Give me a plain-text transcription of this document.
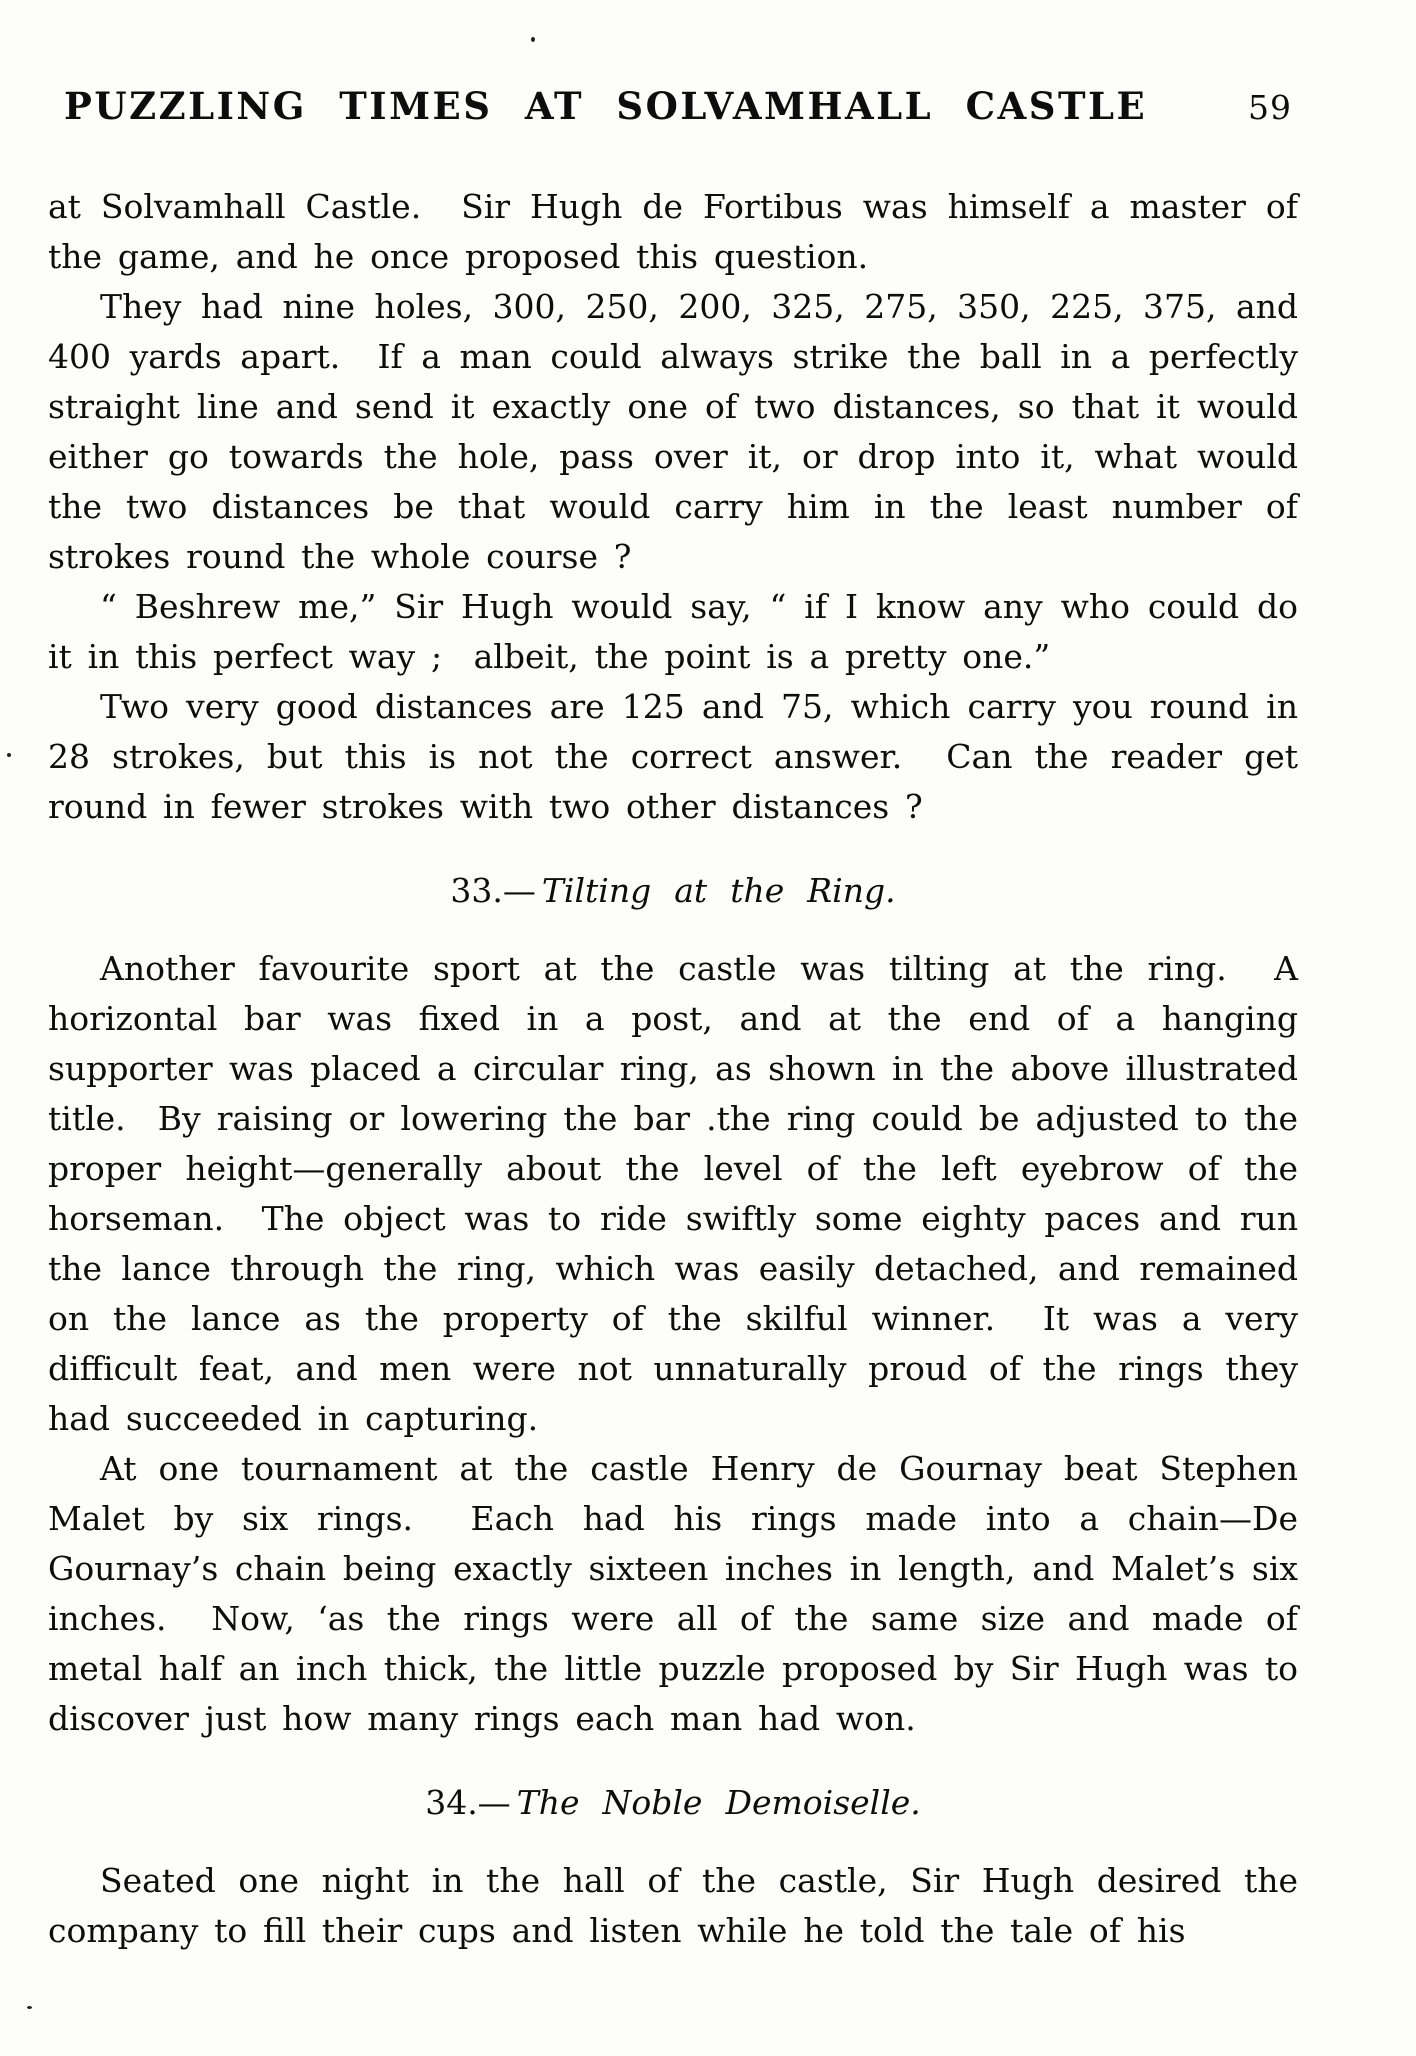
PUZZLING TIMES AT SOLVAMHALL CASTLE	59

at Solvamhall Castle.  Sir Hugh de Fortibus was himself a master of the game, and he once proposed this question.

They had nine holes, 300, 250, 200, 325, 275, 350, 225, 375, and 400 yards apart.  If a man could always strike the ball in a perfectly straight line and send it exactly one of two distances, so that it would either go towards the hole, pass over it, or drop into it, what would the two distances be that would carry him in the least number of strokes round the whole course ?

“ Beshrew me,” Sir Hugh would say, “ if I know any who could do it in this perfect way ;  albeit, the point is a pretty one.”

Two very good distances are 125 and 75, which carry you round in 28 strokes, but this is not the correct answer.  Can the reader get round in fewer strokes with two other distances ?

33.— Tilting at the Ring.

Another favourite sport at the castle was tilting at the ring.  A horizontal bar was fixed in a post, and at the end of a hanging supporter was placed a circular ring, as shown in the above illustrated title.  By raising or lowering the bar .the ring could be adjusted to the proper height—generally about the level of the left eyebrow of the horseman.  The object was to ride swiftly some eighty paces and run the lance through the ring, which was easily detached, and remained on the lance as the property of the skilful winner.  It was a very difficult feat, and men were not unnaturally proud of the rings they had succeeded in capturing.

At one tournament at the castle Henry de Gournay beat Stephen Malet by six rings.  Each had his rings made into a chain—De Gournay’s chain being exactly sixteen inches in length, and Malet’s six inches.  Now, ‘as the rings were all of the same size and made of metal half an inch thick, the little puzzle proposed by Sir Hugh was to discover just how many rings each man had won.

34.— The Noble Demoiselle.

Seated one night in the hall of the castle, Sir Hugh desired the company to fill their cups and listen while he told the tale of his
